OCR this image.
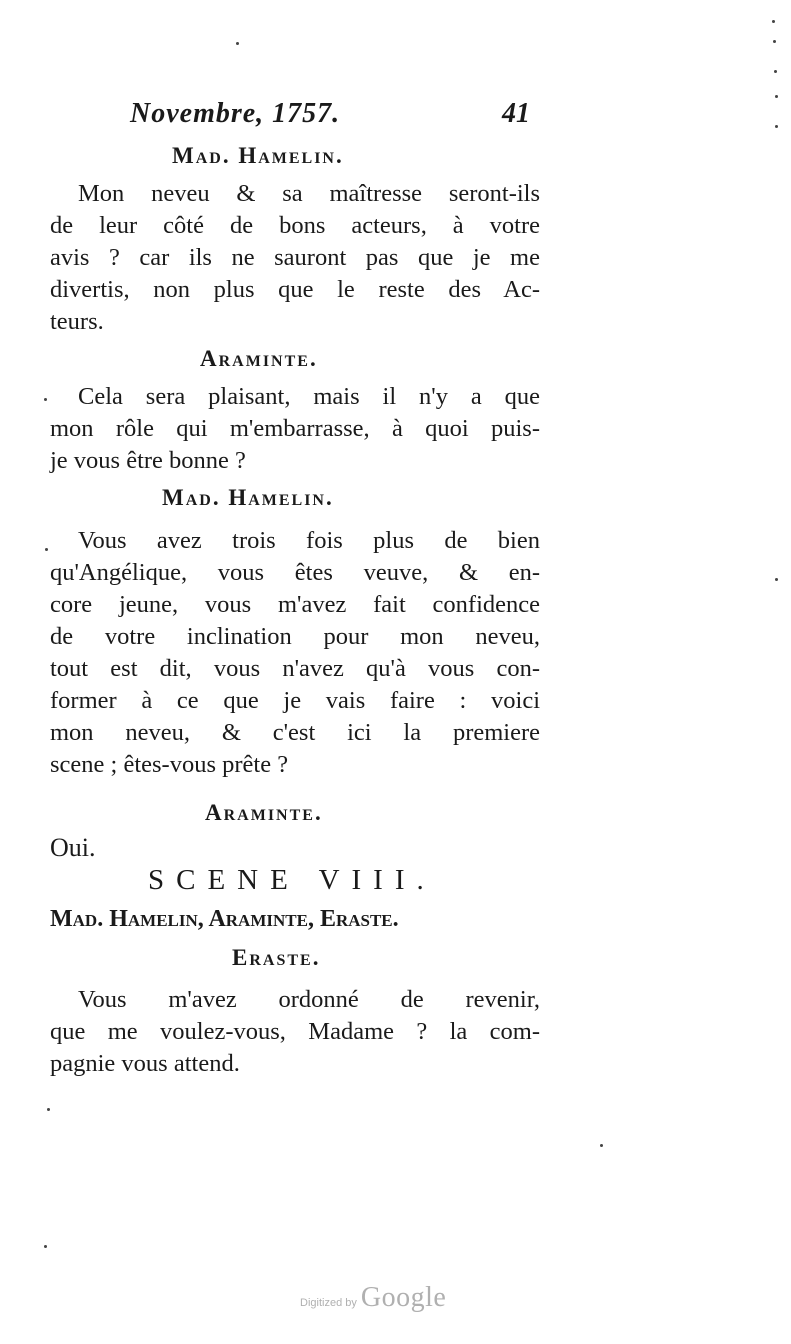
Novembre, 1757.	41
Mad. Hamelin.
Mon neveu & sa maîtresse seront-ils
de leur côté de bons acteurs, à votre
avis ? car ils ne sauront pas que je me
divertis, non plus que le reste des Ac-
teurs.
Araminte.
Cela sera plaisant, mais il n'y a que
mon rôle qui m'embarrasse, à quoi puis-
je vous être bonne ?
Mad. Hamelin.
Vous avez trois fois plus de bien
qu'Angélique, vous êtes veuve, & en-
core jeune, vous m'avez fait confidence
de votre inclination pour mon neveu,
tout est dit, vous n'avez qu'à vous con-
former à ce que je vais faire : voici
mon neveu, & c'est ici la premiere
scene ; êtes-vous prête ?
Araminte.
Oui.
SCENE VIII.
Mad. Hamelin, Araminte, Eraste.
Eraste.
Vous m'avez ordonné de revenir,
que me voulez-vous, Madame ? la com-
pagnie vous attend.
Digitized by Google
